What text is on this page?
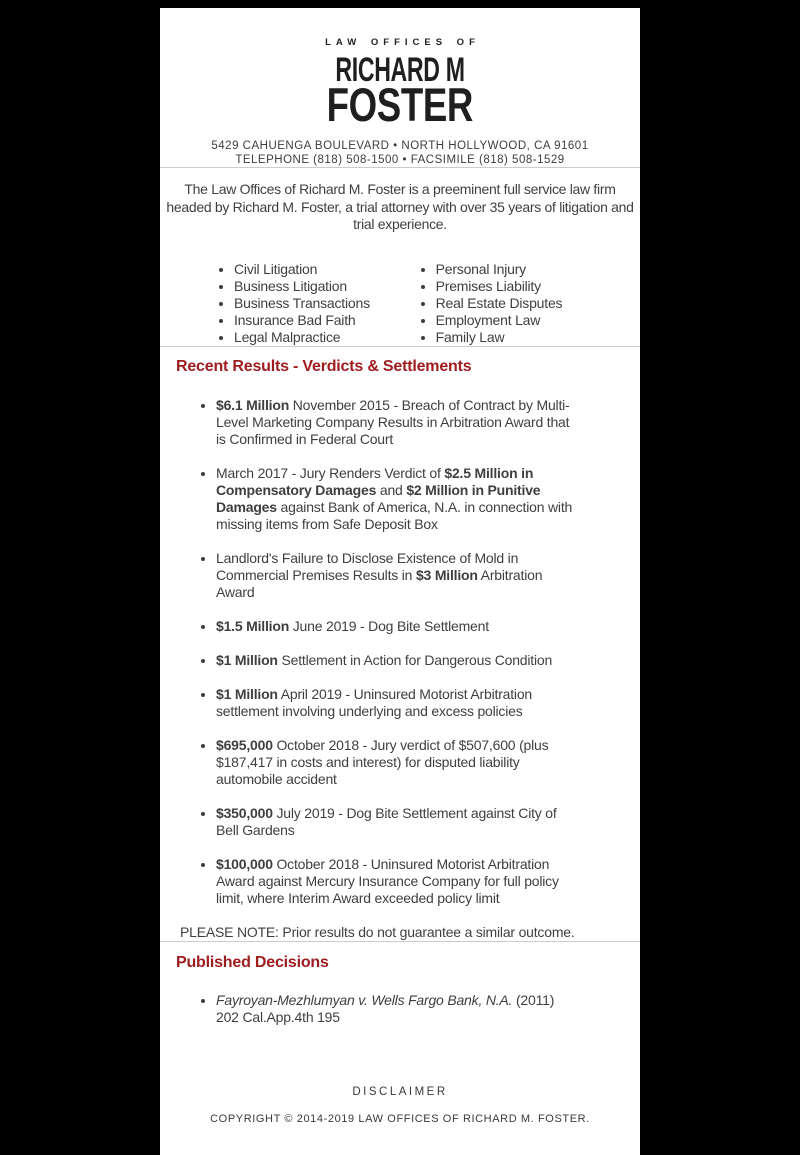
LAW OFFICES OF
RICHARD M
FOSTER
5429 CAHUENGA BOULEVARD • NORTH HOLLYWOOD, CA 91601
TELEPHONE (818) 508-1500 • FACSIMILE (818) 508-1529

The Law Offices of Richard M. Foster is a preeminent full service law firm headed by Richard M. Foster, a trial attorney with over 35 years of litigation and trial experience.

• Civil Litigation
• Business Litigation
• Business Transactions
• Insurance Bad Faith
• Legal Malpractice
• Personal Injury
• Premises Liability
• Real Estate Disputes
• Employment Law
• Family Law
Recent Results - Verdicts & Settlements
• $6.1 Million November 2015 - Breach of Contract by Multi-Level Marketing Company Results in Arbitration Award that is Confirmed in Federal Court
• March 2017 - Jury Renders Verdict of $2.5 Million in Compensatory Damages and $2 Million in Punitive Damages against Bank of America, N.A. in connection with missing items from Safe Deposit Box
• Landlord's Failure to Disclose Existence of Mold in Commercial Premises Results in $3 Million Arbitration Award
• $1.5 Million June 2019 - Dog Bite Settlement
• $1 Million Settlement in Action for Dangerous Condition
• $1 Million April 2019 - Uninsured Motorist Arbitration settlement involving underlying and excess policies
• $695,000 October 2018 - Jury verdict of $507,600 (plus $187,417 in costs and interest) for disputed liability automobile accident
• $350,000 July 2019 - Dog Bite Settlement against City of Bell Gardens
• $100,000 October 2018 - Uninsured Motorist Arbitration Award against Mercury Insurance Company for full policy limit, where Interim Award exceeded policy limit

PLEASE NOTE: Prior results do not guarantee a similar outcome.

Published Decisions
• Fayroyan-Mezhlumyan v. Wells Fargo Bank, N.A. (2011) 202 Cal.App.4th 195
DISCLAIMER
COPYRIGHT © 2014-2019 LAW OFFICES OF RICHARD M. FOSTER.
